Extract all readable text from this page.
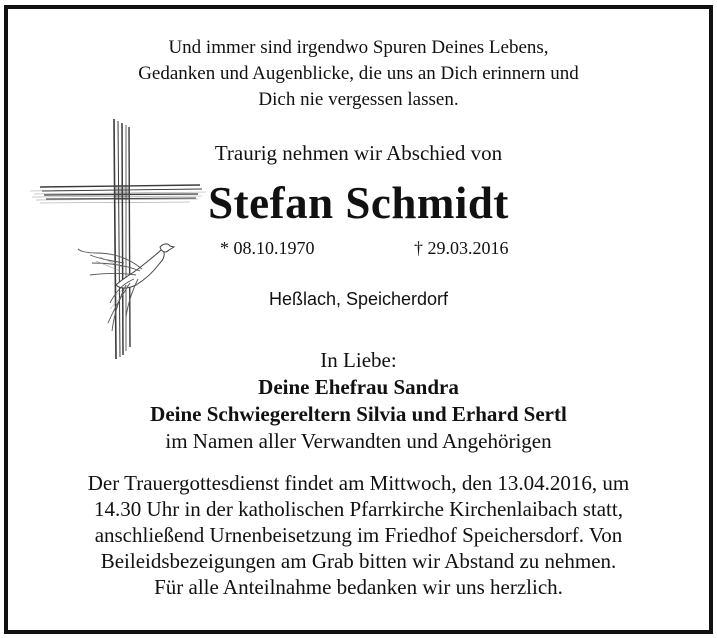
Und immer sind irgendwo Spuren Deines Lebens,
Gedanken und Augenblicke, die uns an Dich erinnern und
Dich nie vergessen lassen.
Traurig nehmen wir Abschied von
Stefan Schmidt
* 08.10.1970	† 29.03.2016
Heßlach, Speicherdorf
In Liebe:
Deine Ehefrau Sandra
Deine Schwiegereltern Silvia und Erhard Sertl
im Namen aller Verwandten und Angehörigen
Der Trauergottesdienst findet am Mittwoch, den 13.04.2016, um
14.30 Uhr in der katholischen Pfarrkirche Kirchenlaibach statt,
anschließend Urnenbeisetzung im Friedhof Speichersdorf. Von
Beileidsbezeigungen am Grab bitten wir Abstand zu nehmen.
Für alle Anteilnahme bedanken wir uns herzlich.
